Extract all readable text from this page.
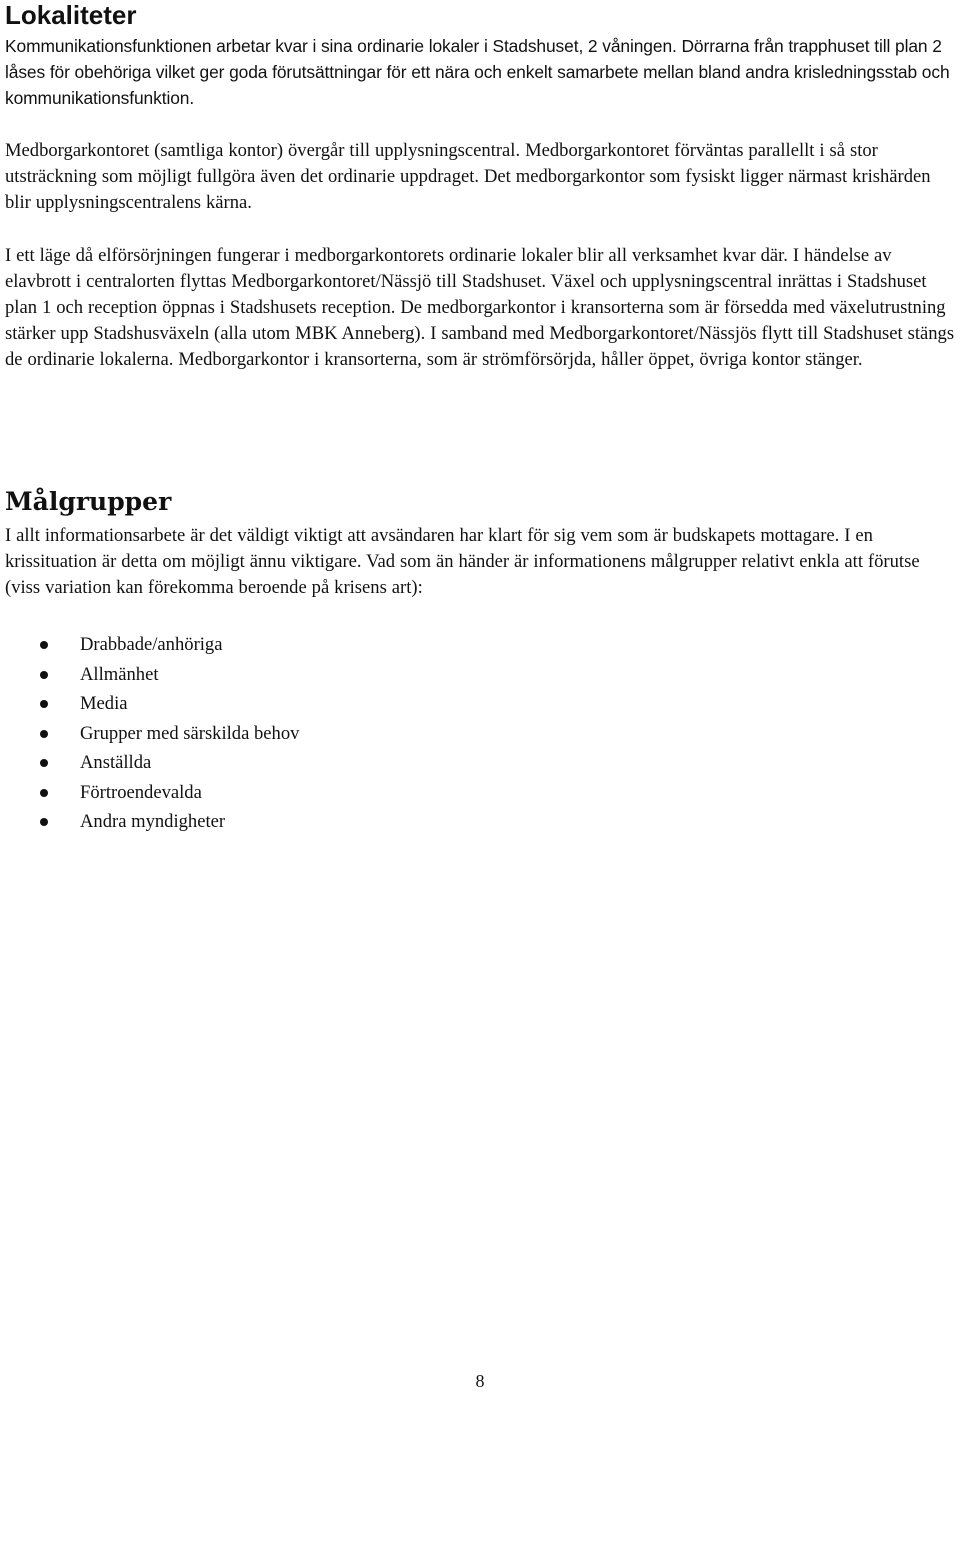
Lokaliteter

Kommunikationsfunktionen arbetar kvar i sina ordinarie lokaler i Stadshuset, 2 våningen. Dörrarna från trapphuset till plan 2 låses för obehöriga vilket ger goda förutsättningar för ett nära och enkelt samarbete mellan bland andra krisledningsstab och kommunikationsfunktion.

Medborgarkontoret (samtliga kontor) övergår till upplysningscentral. Medborgarkontoret förväntas parallellt i så stor utsträckning som möjligt fullgöra även det ordinarie uppdraget. Det medborgarkontor som fysiskt ligger närmast krishärden blir upplysningscentralens kärna.

I ett läge då elförsörjningen fungerar i medborgarkontorets ordinarie lokaler blir all verksamhet kvar där. I händelse av elavbrott i centralorten flyttas Medborgarkontoret/Nässjö till Stadshuset. Växel och upplysningscentral inrättas i Stadshuset plan 1 och reception öppnas i Stadshusets reception. De medborgarkontor i kransorterna som är försedda med växelutrustning stärker upp Stadshusväxeln (alla utom MBK Anneberg). I samband med Medborgarkontoret/Nässjös flytt till Stadshuset stängs de ordinarie lokalerna. Medborgarkontor i kransorterna, som är strömförsörjda, håller öppet, övriga kontor stänger.

Målgrupper

I allt informationsarbete är det väldigt viktigt att avsändaren har klart för sig vem som är budskapets mottagare. I en krissituation är detta om möjligt ännu viktigare. Vad som än händer är informationens målgrupper relativt enkla att förutse (viss variation kan förekomma beroende på krisens art):

Drabbade/anhöriga
Allmänhet
Media
Grupper med särskilda behov
Anställda
Förtroendevalda
Andra myndigheter
8
